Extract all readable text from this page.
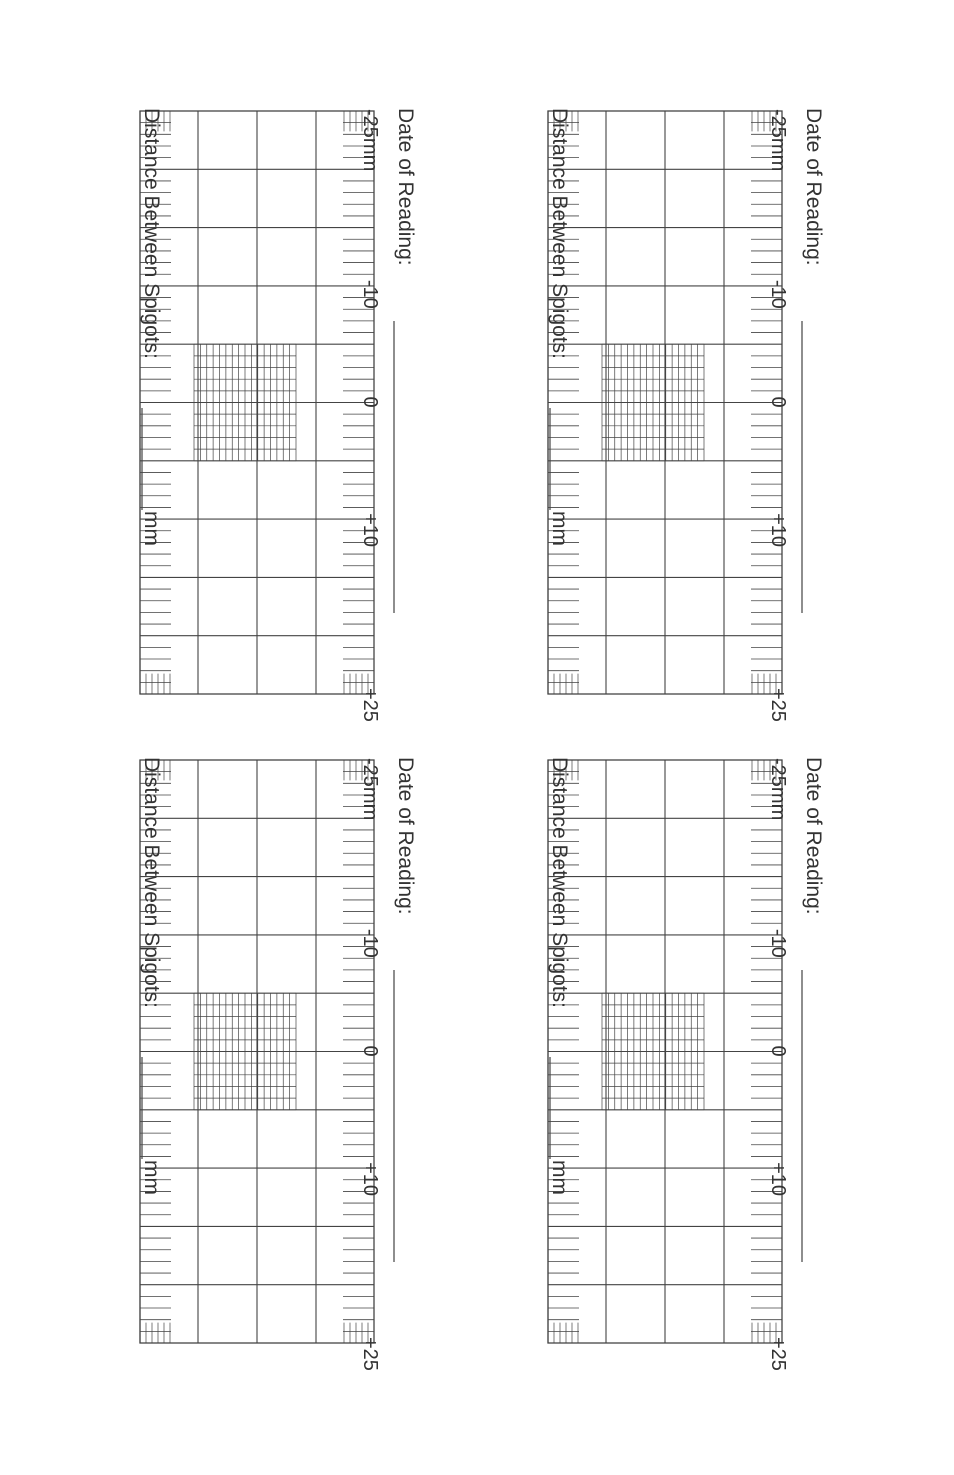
Date of Reading:
Distance Between Spigots:
mm
-25mm
-10
0
+10
+25
Date of Reading:
Distance Between Spigots:
mm
-25mm
-10
0
+10
+25
Date of Reading:
Distance Between Spigots:
mm
-25mm
-10
0
+10
+25
Date of Reading:
Distance Between Spigots:
mm
-25mm
-10
0
+10
+25
